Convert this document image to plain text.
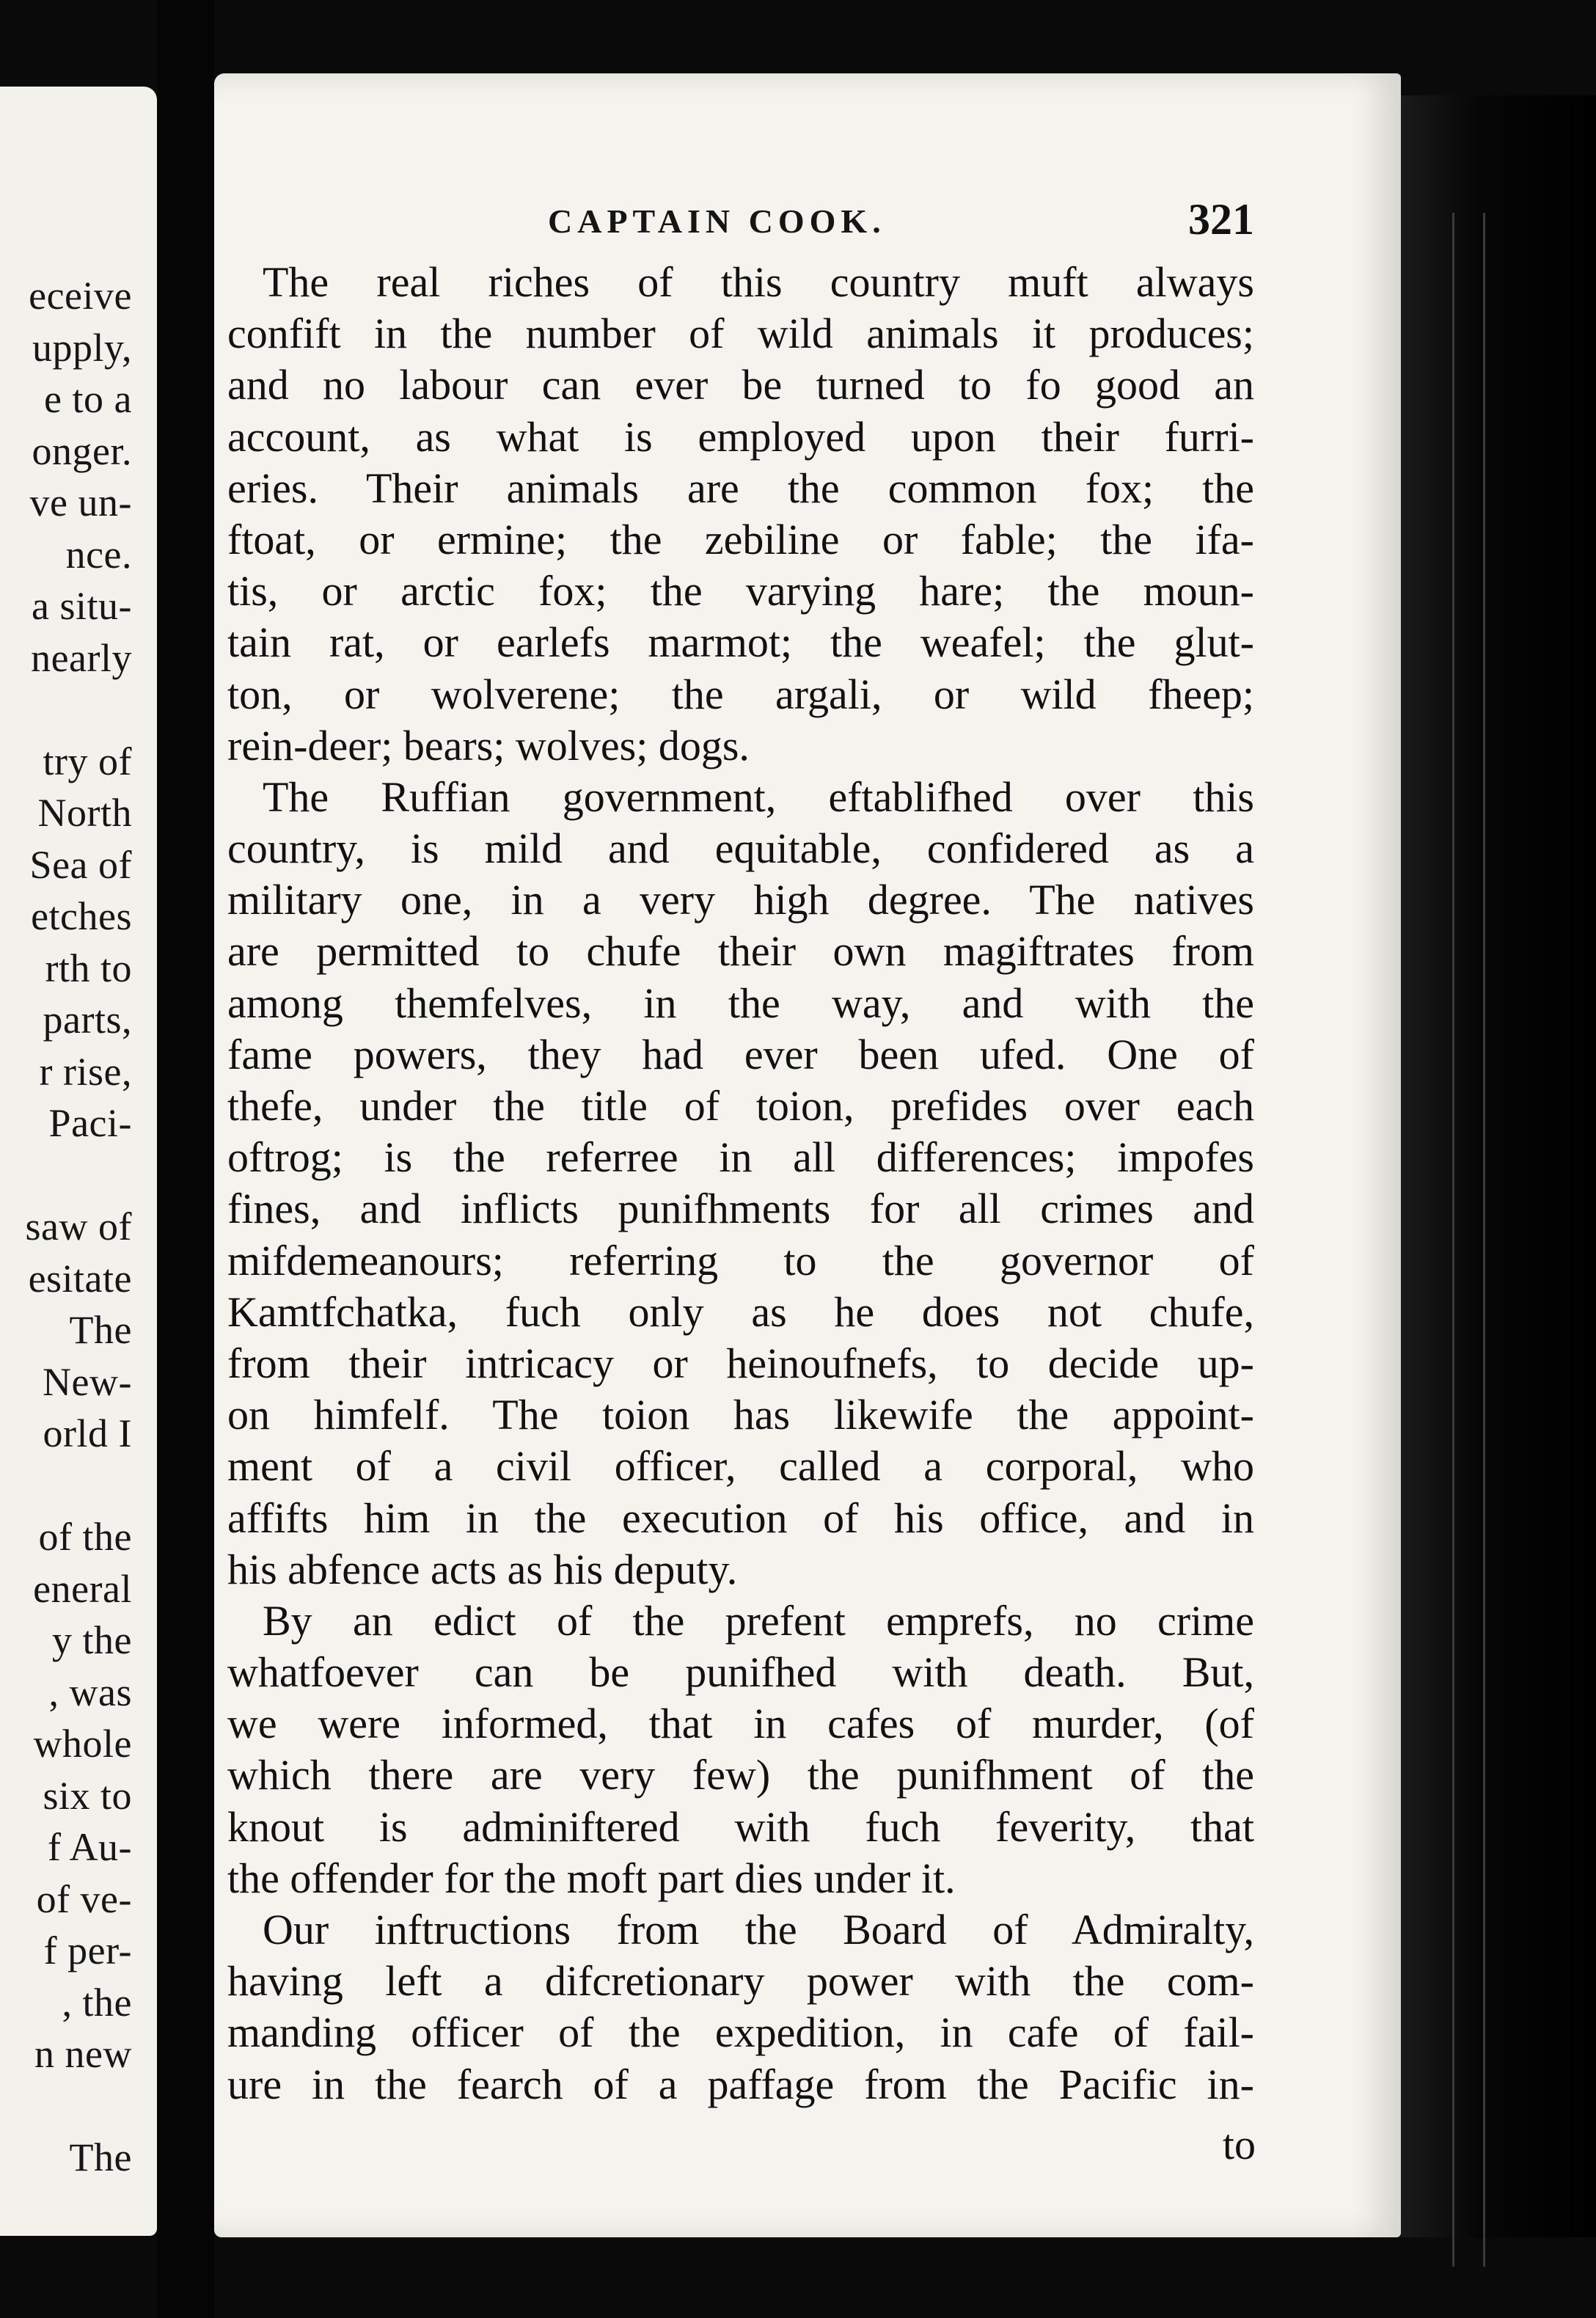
eceive
upply,
e to a
onger.
ve un-
nce.
a situ-
nearly
try of
North
Sea of
etches
rth to
parts,
r rise,
Paci-
saw of
esitate
The
New-
orld I
of the
eneral
y the
, was
whole
six to
f Au-
of ve-
f per-
, the
n new
The
CAPTAIN COOK.	321
The real riches of this country muft always
confift in the number of wild animals it produces;
and no labour can ever be turned to fo good an
account, as what is employed upon their furri-
eries. Their animals are the common fox; the
ftoat, or ermine; the zebiline or fable; the ifa-
tis, or arctic fox; the varying hare; the moun-
tain rat, or earlefs marmot; the weafel; the glut-
ton, or wolverene; the argali, or wild fheep;
rein-deer; bears; wolves; dogs.
The Ruffian government, eftablifhed over this
country, is mild and equitable, confidered as a
military one, in a very high degree. The natives
are permitted to chufe their own magiftrates from
among themfelves, in the way, and with the
fame powers, they had ever been ufed. One of
thefe, under the title of toion, prefides over each
oftrog; is the referree in all differences; impofes
fines, and inflicts punifhments for all crimes and
mifdemeanours; referring to the governor of
Kamtfchatka, fuch only as he does not chufe,
from their intricacy or heinoufnefs, to decide up-
on himfelf. The toion has likewife the appoint-
ment of a civil officer, called a corporal, who
affifts him in the execution of his office, and in
his abfence acts as his deputy.
By an edict of the prefent emprefs, no crime
whatfoever can be punifhed with death. But,
we were informed, that in cafes of murder, (of
which there are very few) the punifhment of the
knout is adminiftered with fuch feverity, that
the offender for the moft part dies under it.
Our inftructions from the Board of Admiralty,
having left a difcretionary power with the com-
manding officer of the expedition, in cafe of fail-
ure in the fearch of a paffage from the Pacific in-
to
